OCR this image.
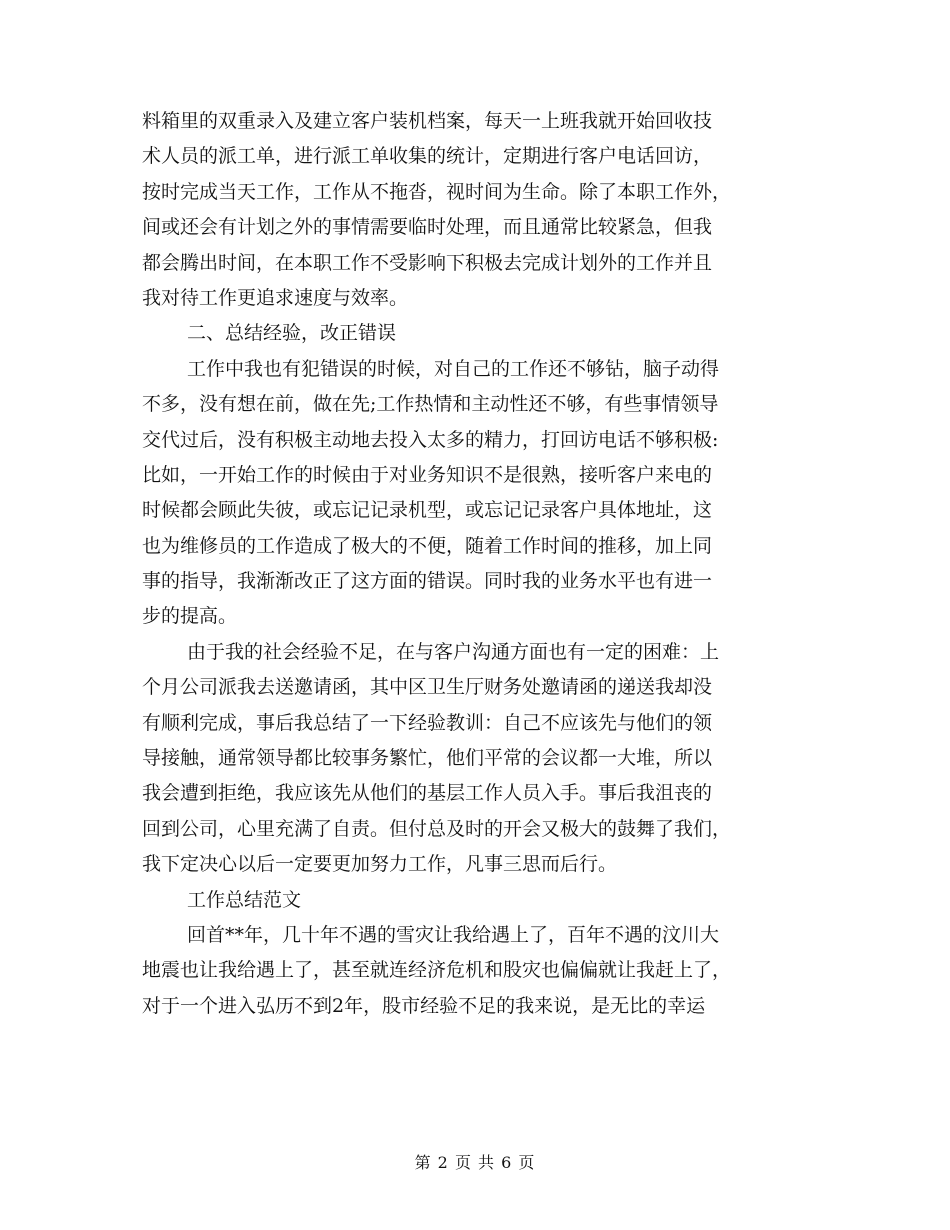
料箱里的双重录入及建立客户装机档案，每天一上班我就开始回收技
术人员的派工单，进行派工单收集的统计，定期进行客户电话回访，
按时完成当天工作，工作从不拖沓，视时间为生命。除了本职工作外，
间或还会有计划之外的事情需要临时处理，而且通常比较紧急，但我
都会腾出时间，在本职工作不受影响下积极去完成计划外的工作并且
我对待工作更追求速度与效率。
二、总结经验，改正错误
工作中我也有犯错误的时候，对自己的工作还不够钻，脑子动得
不多，没有想在前，做在先;工作热情和主动性还不够，有些事情领导
交代过后，没有积极主动地去投入太多的精力，打回访电话不够积极:
比如，一开始工作的时候由于对业务知识不是很熟，接听客户来电的
时候都会顾此失彼，或忘记记录机型，或忘记记录客户具体地址，这
也为维修员的工作造成了极大的不便，随着工作时间的推移，加上同
事的指导，我渐渐改正了这方面的错误。同时我的业务水平也有进一
步的提高。
由于我的社会经验不足，在与客户沟通方面也有一定的困难：上
个月公司派我去送邀请函，其中区卫生厅财务处邀请函的递送我却没
有顺利完成，事后我总结了一下经验教训：自己不应该先与他们的领
导接触，通常领导都比较事务繁忙，他们平常的会议都一大堆，所以
我会遭到拒绝，我应该先从他们的基层工作人员入手。事后我沮丧的
回到公司，心里充满了自责。但付总及时的开会又极大的鼓舞了我们，
我下定决心以后一定要更加努力工作，凡事三思而后行。
工作总结范文
回首**年，几十年不遇的雪灾让我给遇上了，百年不遇的汶川大
地震也让我给遇上了，甚至就连经济危机和股灾也偏偏就让我赶上了，
对于一个进入弘历不到2年，股市经验不足的我来说，是无比的幸运
第 2 页 共 6 页
